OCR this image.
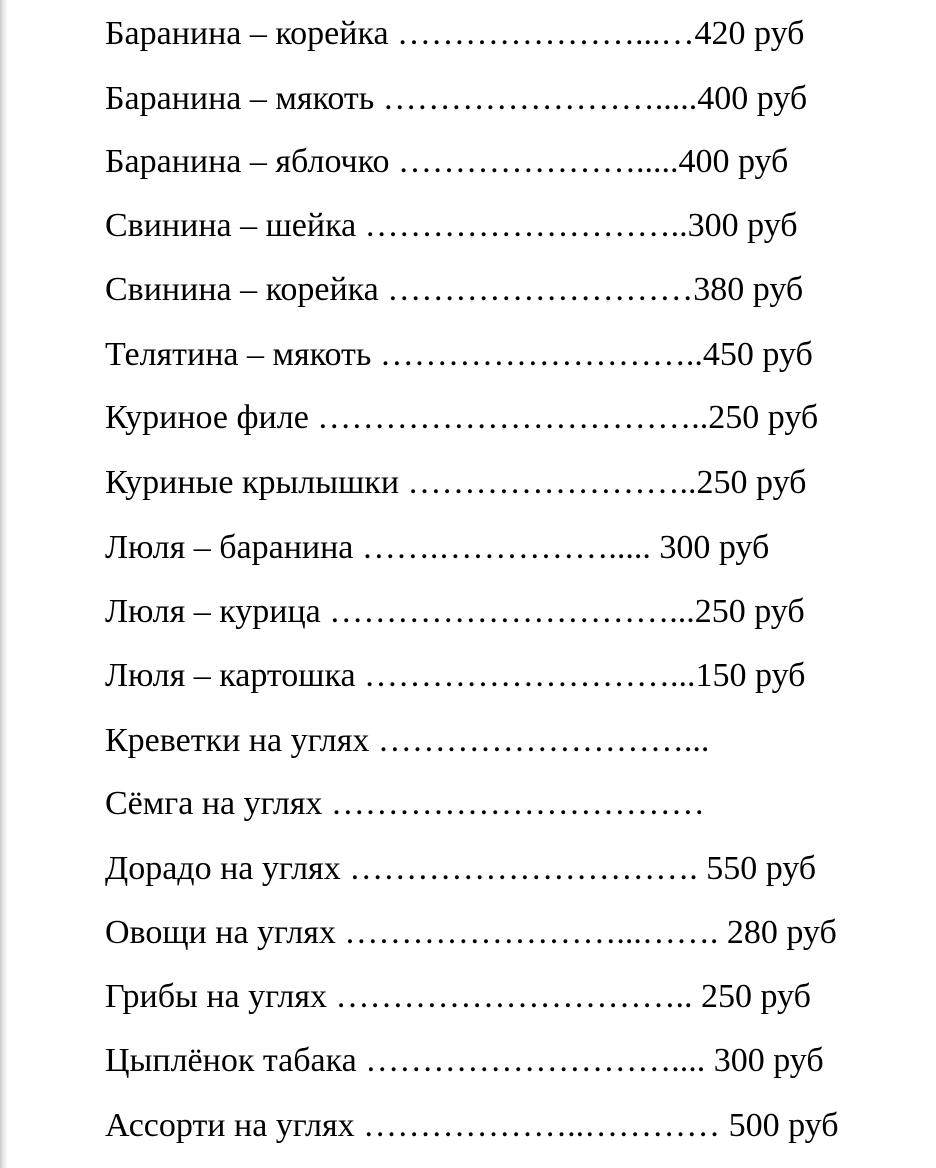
Баранина – корейка …………………...…420 руб
Баранина – мякоть …………………….....400 руб
Баранина – яблочко ………………….....400 руб
Свинина – шейка ………………………..300 руб
Свинина – корейка ………………………380 руб
Телятина – мякоть ………………………..450 руб
Куриное филе ……………………………..250 руб
Куриные крылышки ……………………..250 руб
Люля – баранина …….……………..... 300 руб
Люля – курица …………………………...250 руб
Люля – картошка ………………………...150 руб
Креветки на углях ………………………...
Сёмга на углях ……………………………
Дорадо на углях …………………………. 550 руб
Овощи на углях ……………………...……. 280 руб
Грибы на углях ………………………….. 250 руб
Цыплёнок табака ……………………….... 300 руб
Ассорти на углях ………………..………… 500 руб
